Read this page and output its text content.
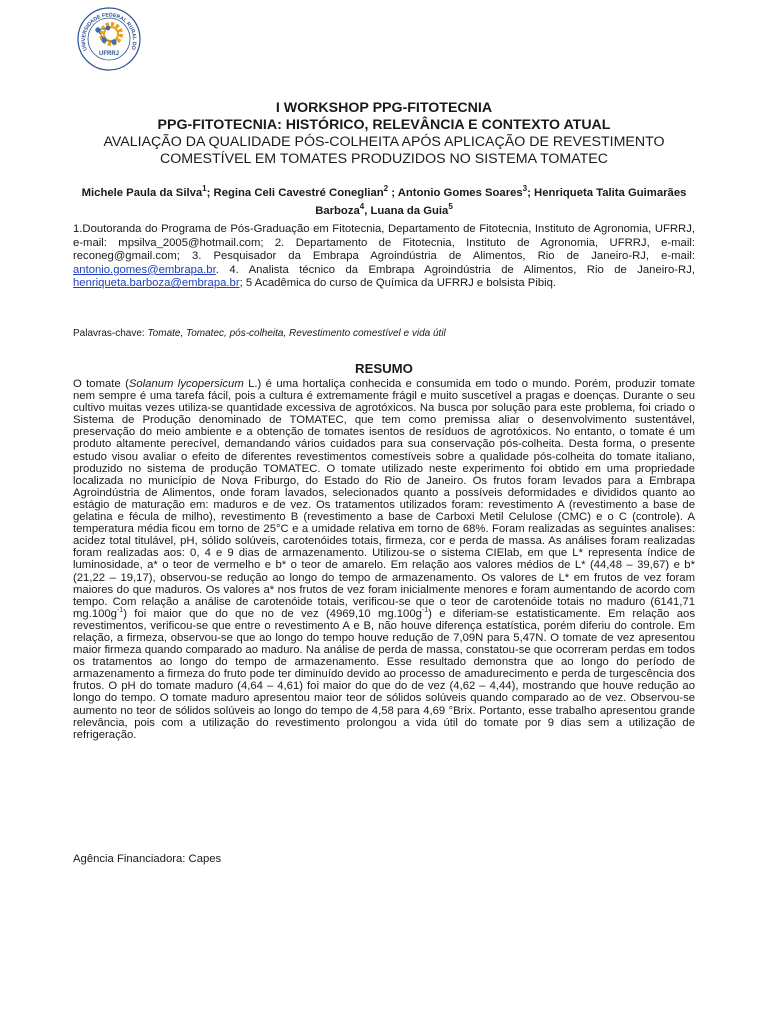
UNIVERSIDADE FEDERAL RURAL DO
UFRRJ
I WORKSHOP PPG-FITOTECNIA
PPG-FITOTECNIA: HISTÓRICO, RELEVÂNCIA E CONTEXTO ATUAL
AVALIAÇÃO DA QUALIDADE PÓS-COLHEITA APÓS APLICAÇÃO DE REVESTIMENTO
COMESTÍVEL EM TOMATES PRODUZIDOS NO SISTEMA TOMATEC
Michele Paula da Silva$^1$; Regina Celi Cavestré Coneglian$^2$ ; Antonio Gomes Soares$^3$; Henriqueta Talita Guimarães Barboza$^4$, Luana da Guia$^5$
1.Doutoranda do Programa de Pós-Graduação em Fitotecnia, Departamento de Fitotecnia, Instituto de Agronomia, UFRRJ, e-mail: mpsilva_2005@hotmail.com; 2. Departamento de Fitotecnia, Instituto de Agronomia, UFRRJ, e-mail: reconeg@gmail.com; 3. Pesquisador da Embrapa Agroindústria de Alimentos, Rio de Janeiro-RJ, e-mail: antonio.gomes@embrapa.br. 4. Analista técnico da Embrapa Agroindústria de Alimentos, Rio de Janeiro-RJ, henriqueta.barboza@embrapa.br; 5 Acadêmica do curso de Química da UFRRJ e bolsista Pibiq.
Palavras-chave: Tomate, Tomatec, pós-colheita, Revestimento comestível e vida útil
RESUMO
O tomate (Solanum lycopersicum L.) é uma hortaliça conhecida e consumida em todo o mundo. Porém, produzir tomate nem sempre é uma tarefa fácil, pois a cultura é extremamente frágil e muito suscetível a pragas e doenças. Durante o seu cultivo muitas vezes utiliza-se quantidade excessiva de agrotóxicos. Na busca por solução para este problema, foi criado o Sistema de Produção denominado de TOMATEC, que tem como premissa aliar o desenvolvimento sustentável, preservação do meio ambiente e a obtenção de tomates isentos de resíduos de agrotóxicos. No entanto, o tomate é um produto altamente perecível, demandando vários cuidados para sua conservação pós-colheita. Desta forma, o presente estudo visou avaliar o efeito de diferentes revestimentos comestíveis sobre a qualidade pós-colheita do tomate italiano, produzido no sistema de produção TOMATEC. O tomate utilizado neste experimento foi obtido em uma propriedade localizada no município de Nova Friburgo, do Estado do Rio de Janeiro. Os frutos foram levados para a Embrapa Agroindústria de Alimentos, onde foram lavados, selecionados quanto a possíveis deformidades e divididos quanto ao estágio de maturação em: maduros e de vez. Os tratamentos utilizados foram: revestimento A (revestimento a base de gelatina e fécula de milho), revestimento B (revestimento a base de Carboxi Metil Celulose (CMC) e o C (controle). A temperatura média ficou em torno de 25°C e a umidade relativa em torno de 68%. Foram realizadas as seguintes analises: acidez total titulável, pH, sólido solúveis, carotenóides totais, firmeza, cor e perda de massa. As análises foram realizadas foram realizadas aos: 0, 4 e 9 dias de armazenamento. Utilizou-se o sistema CIElab, em que L* representa índice de luminosidade, a* o teor de vermelho e b* o teor de amarelo. Em relação aos valores médios de L* (44,48 – 39,67) e b* (21,22 – 19,17), observou-se redução ao longo do tempo de armazenamento. Os valores de L* em frutos de vez foram maiores do que maduros. Os valores a* nos frutos de vez foram inicialmente menores e foram aumentando de acordo com tempo. Com relação a análise de carotenóide totais, verificou-se que o teor de carotenóide totais no maduro (6141,71 $mg.100g^{-1}$) foi maior que do que no de vez (4969,10 $mg.100g^{-1}$) e diferiam-se estatisticamente. Em relação aos revestimentos, verificou-se que entre o revestimento A e B, não houve diferença estatística, porém diferiu do controle. Em relação, a firmeza, observou-se que ao longo do tempo houve redução de 7,09N para 5,47N. O tomate de vez apresentou maior firmeza quando comparado ao maduro. Na análise de perda de massa, constatou-se que ocorreram perdas em todos os tratamentos ao longo do tempo de armazenamento. Esse resultado demonstra que ao longo do período de armazenamento a firmeza do fruto pode ter diminuído devido ao processo de amadurecimento e perda de turgescência dos frutos. O pH do tomate maduro (4,64 – 4,61) foi maior do que do de vez (4,62 – 4,44), mostrando que houve redução ao longo do tempo. O tomate maduro apresentou maior teor de sólidos solúveis quando comparado ao de vez. Observou-se aumento no teor de sólidos solúveis ao longo do tempo de 4,58 para 4,69 °Brix. Portanto, esse trabalho apresentou grande relevância, pois com a utilização do revestimento prolongou a vida útil do tomate por 9 dias sem a utilização de refrigeração.
Agência Financiadora: Capes
